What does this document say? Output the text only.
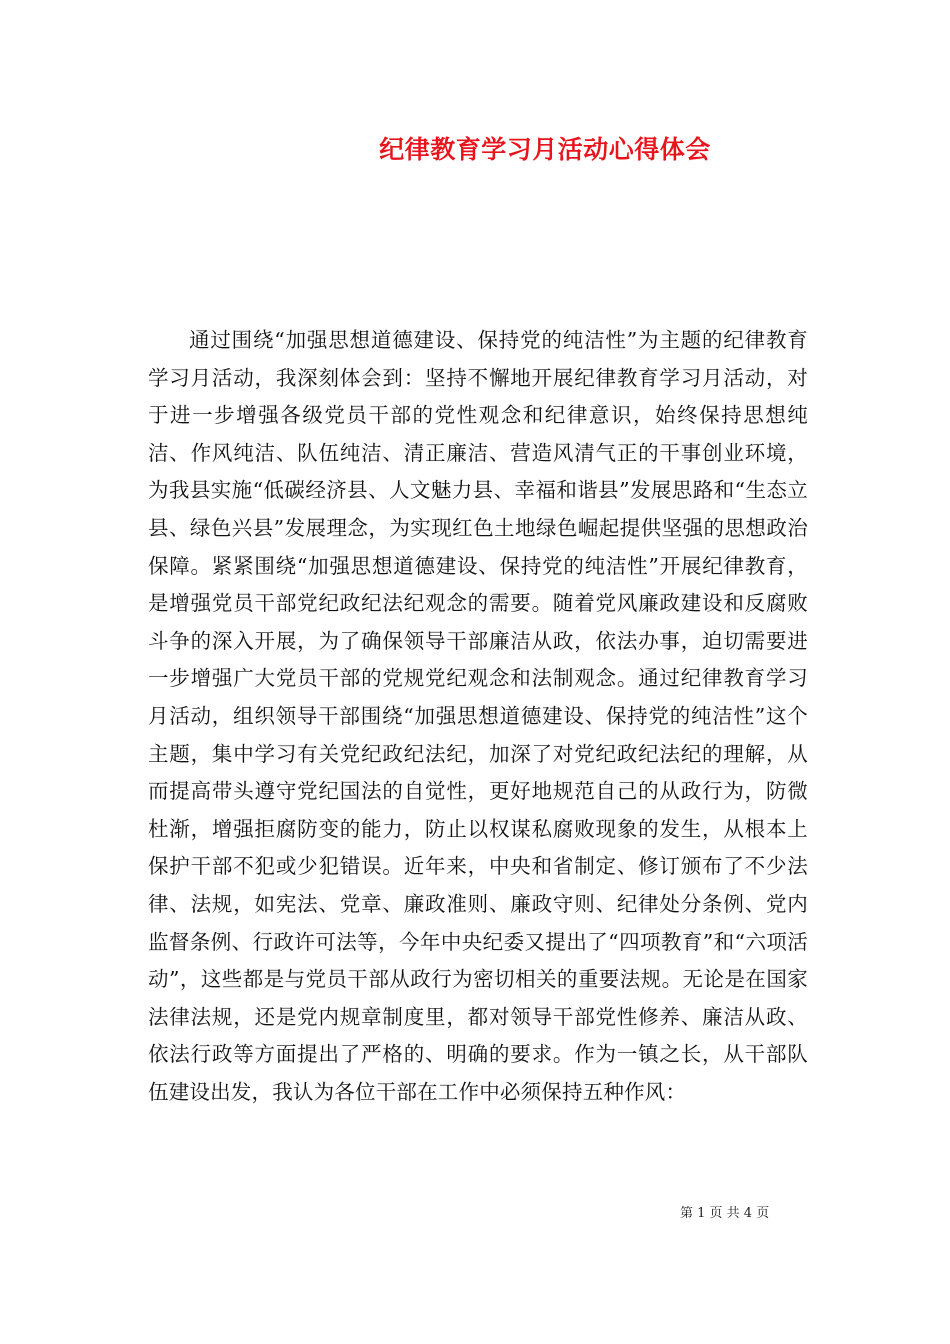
纪律教育学习月活动心得体会

通过围绕“加强思想道德建设、保持党的纯洁性”为主题的纪律教育学习月活动，我深刻体会到：坚持不懈地开展纪律教育学习月活动，对于进一步增强各级党员干部的党性观念和纪律意识，始终保持思想纯洁、作风纯洁、队伍纯洁、清正廉洁、营造风清气正的干事创业环境，为我县实施“低碳经济县、人文魅力县、幸福和谐县”发展思路和“生态立县、绿色兴县”发展理念，为实现红色土地绿色崛起提供坚强的思想政治保障。紧紧围绕“加强思想道德建设、保持党的纯洁性”开展纪律教育，是增强党员干部党纪政纪法纪观念的需要。随着党风廉政建设和反腐败斗争的深入开展，为了确保领导干部廉洁从政，依法办事，迫切需要进一步增强广大党员干部的党规党纪观念和法制观念。通过纪律教育学习月活动，组织领导干部围绕“加强思想道德建设、保持党的纯洁性”这个主题，集中学习有关党纪政纪法纪，加深了对党纪政纪法纪的理解，从而提高带头遵守党纪国法的自觉性，更好地规范自己的从政行为，防微杜渐，增强拒腐防变的能力，防止以权谋私腐败现象的发生，从根本上保护干部不犯或少犯错误。近年来，中央和省制定、修订颁布了不少法律、法规，如宪法、党章、廉政准则、廉政守则、纪律处分条例、党内监督条例、行政许可法等，今年中央纪委又提出了“四项教育”和“六项活动”，这些都是与党员干部从政行为密切相关的重要法规。无论是在国家法律法规，还是党内规章制度里，都对领导干部党性修养、廉洁从政、依法行政等方面提出了严格的、明确的要求。作为一镇之长，从干部队伍建设出发，我认为各位干部在工作中必须保持五种作风：

第 1 页 共 4 页
